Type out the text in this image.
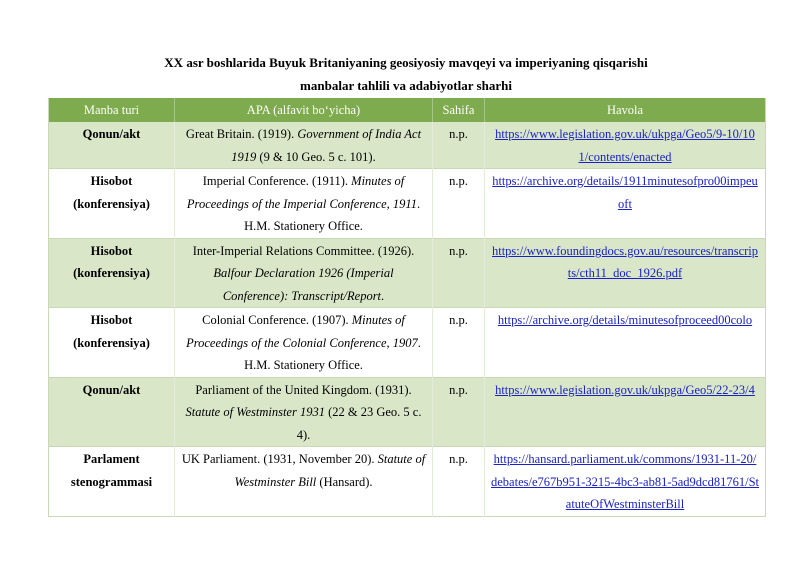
XX asr boshlarida Buyuk Britaniyaning geosiyosiy mavqeyi va imperiyaning qisqarishi
manbalar tahlili va adabiyotlar sharhi
Manba turi	APA (alfavit bo‘yicha)	Sahifa	Havola
Qonun/akt	Great Britain. (1919). Government of India Act 1919 (9 & 10 Geo. 5 c. 101).	n.p.	https://www.legislation.gov.uk/ukpga/Geo5/9-10/101/contents/enacted
Hisobot (konferensiya)	Imperial Conference. (1911). Minutes of Proceedings of the Imperial Conference, 1911. H.M. Stationery Office.	n.p.	https://archive.org/details/1911minutesofpro00impeuoft
Hisobot (konferensiya)	Inter-Imperial Relations Committee. (1926). Balfour Declaration 1926 (Imperial Conference): Transcript/Report.	n.p.	https://www.foundingdocs.gov.au/resources/transcripts/cth11_doc_1926.pdf
Hisobot (konferensiya)	Colonial Conference. (1907). Minutes of Proceedings of the Colonial Conference, 1907. H.M. Stationery Office.	n.p.	https://archive.org/details/minutesofproceed00colo
Qonun/akt	Parliament of the United Kingdom. (1931). Statute of Westminster 1931 (22 & 23 Geo. 5 c. 4).	n.p.	https://www.legislation.gov.uk/ukpga/Geo5/22-23/4
Parlament stenogrammasi	UK Parliament. (1931, November 20). Statute of Westminster Bill (Hansard).	n.p.	https://hansard.parliament.uk/commons/1931-11-20/debates/e767b951-3215-4bc3-ab81-5ad9dcd81761/StatuteOfWestminsterBill
